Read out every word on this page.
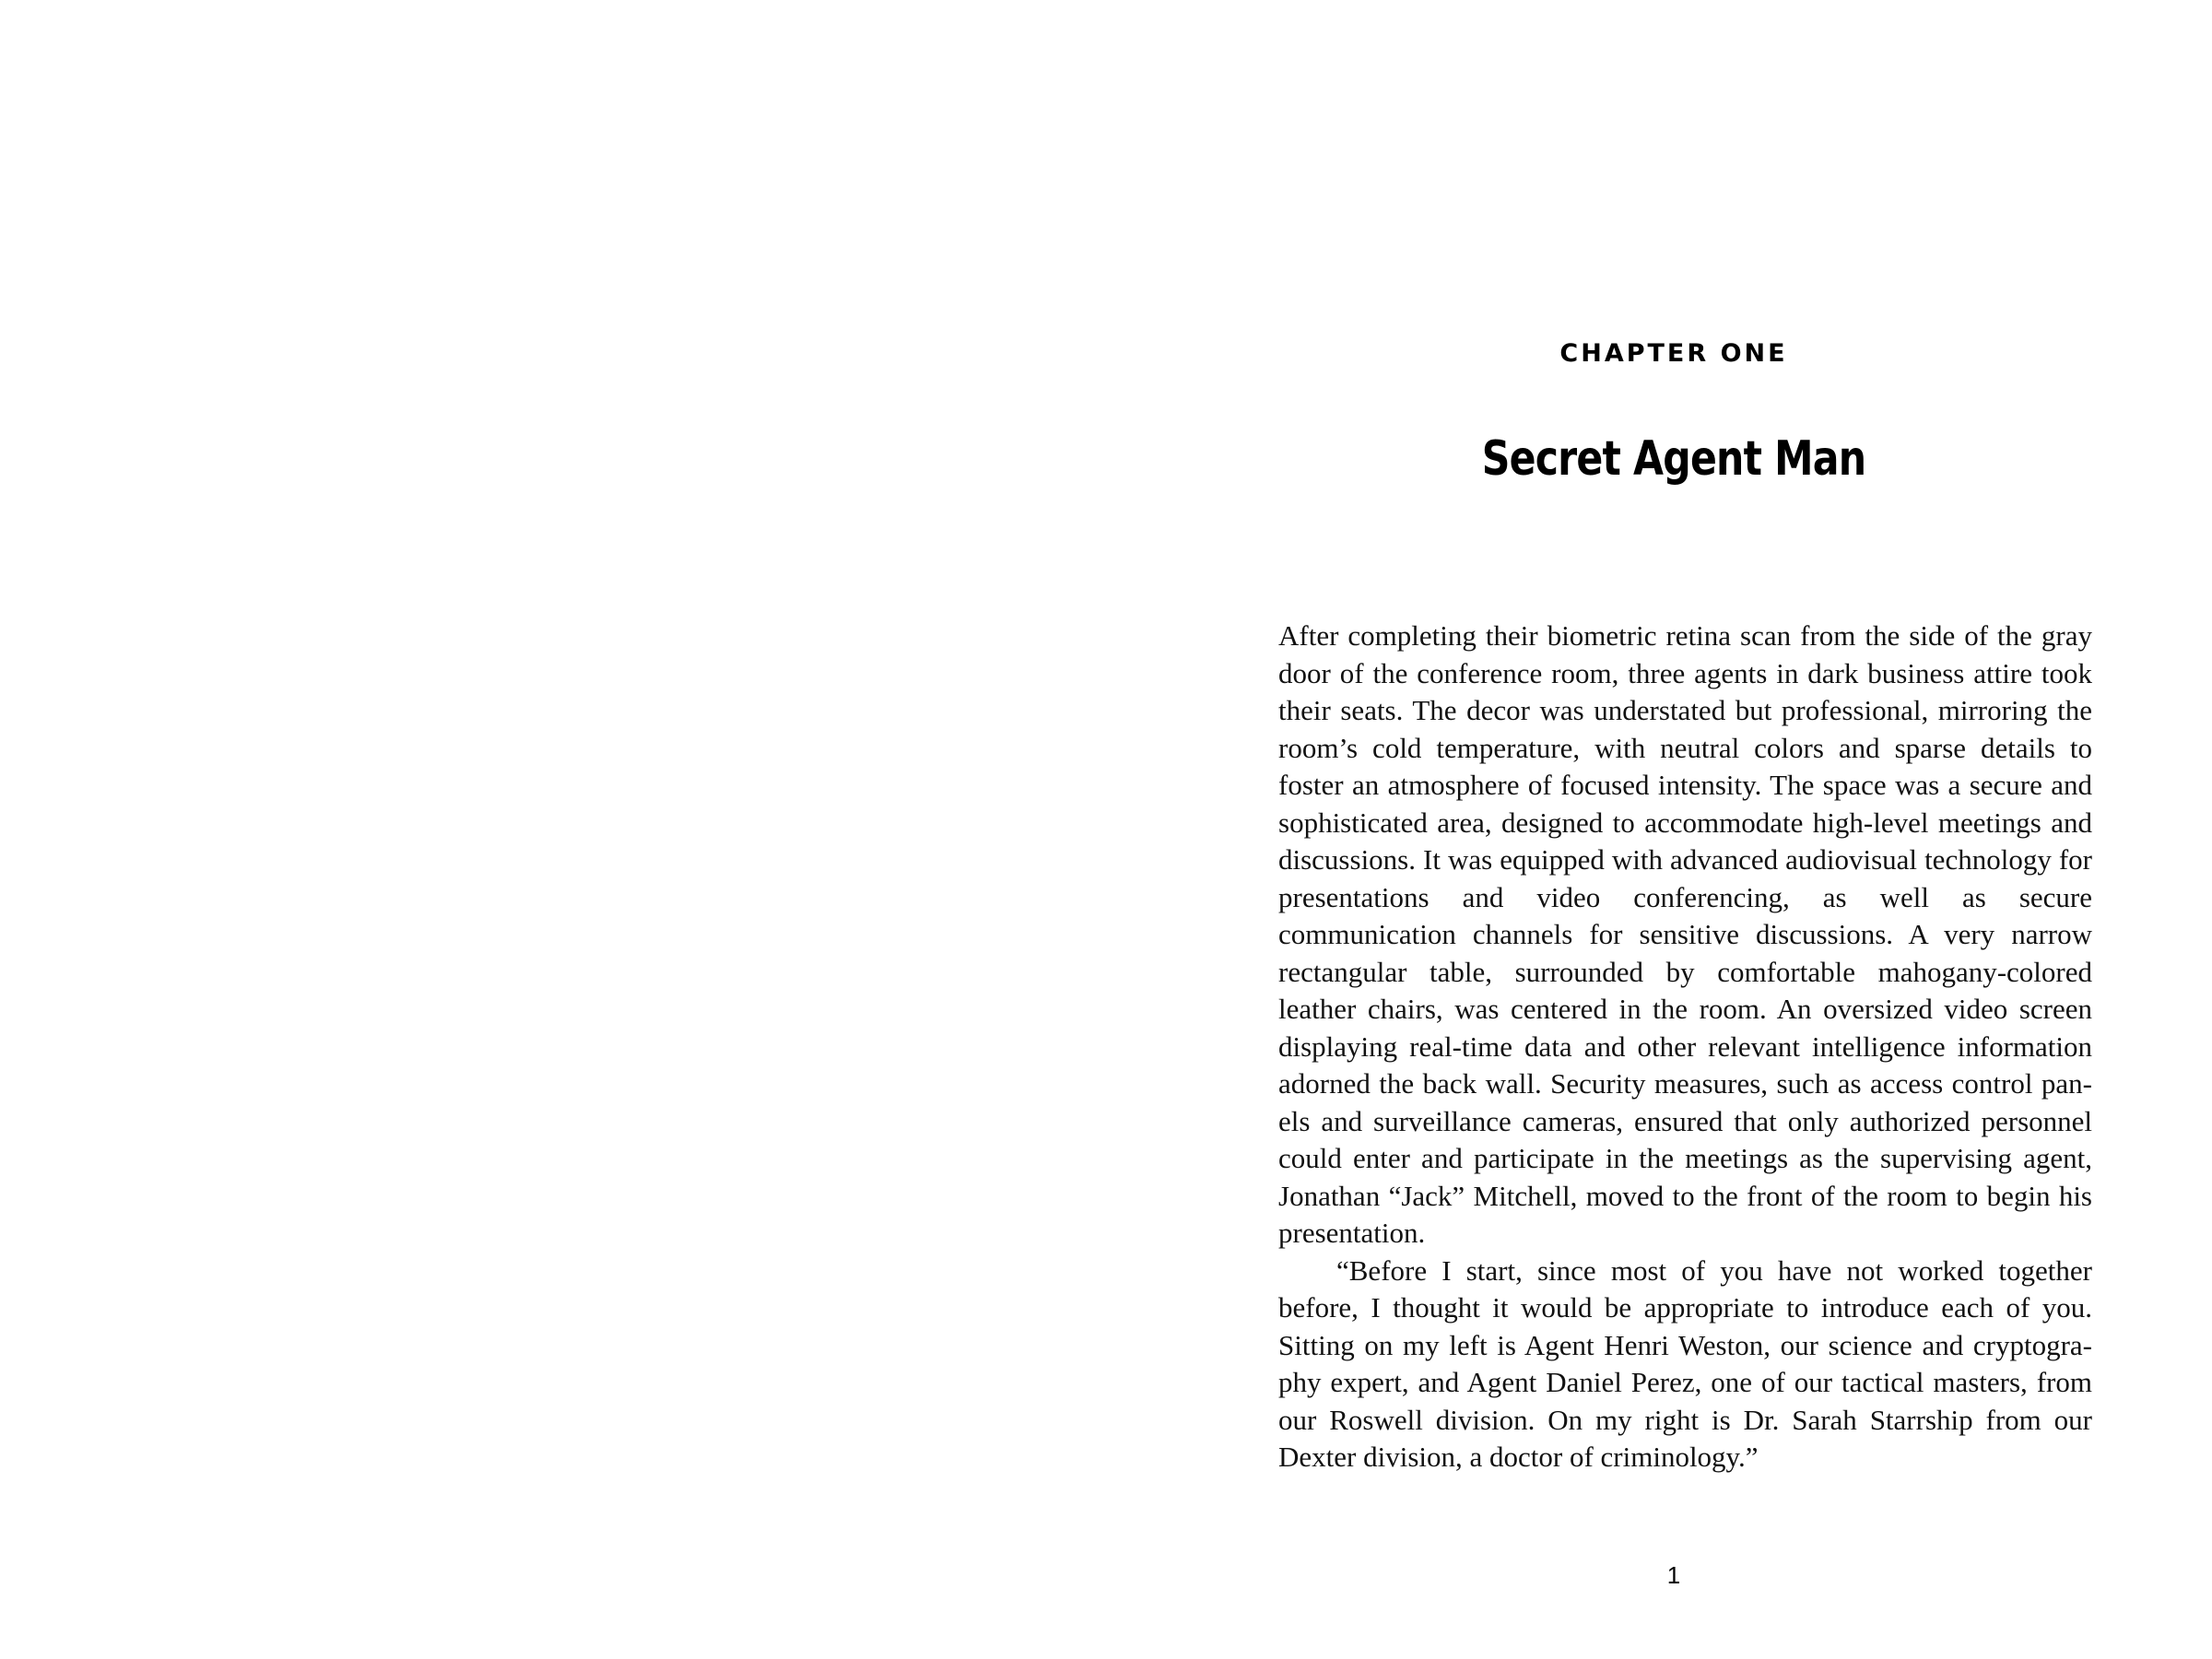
CHAPTER ONE
Secret Agent Man

After completing their biometric retina scan from the side of the gray door of the conference room, three agents in dark business attire took their seats. The decor was understated but professional, mirroring the room’s cold temperature, with neutral colors and sparse details to foster an atmosphere of focused intensity. The space was a secure and sophisticated area, designed to accommodate high-level meetings and discussions. It was equipped with advanced audiovisual technology for presentations and video conferencing, as well as secure communication channels for sensitive discussions. A very narrow rectangular table, surrounded by comfortable mahogany-colored leather chairs, was centered in the room. An oversized video screen displaying real-time data and other relevant intelligence information adorned the back wall. Security measures, such as access control panels and surveillance cameras, ensured that only authorized personnel could enter and participate in the meetings as the supervising agent, Jonathan “Jack” Mitchell, moved to the front of the room to begin his presentation.

“Before I start, since most of you have not worked together before, I thought it would be appropriate to introduce each of you. Sitting on my left is Agent Henri Weston, our science and cryptography expert, and Agent Daniel Perez, one of our tactical masters, from our Roswell division. On my right is Dr. Sarah Starrship from our Dexter division, a doctor of criminology.”

1
